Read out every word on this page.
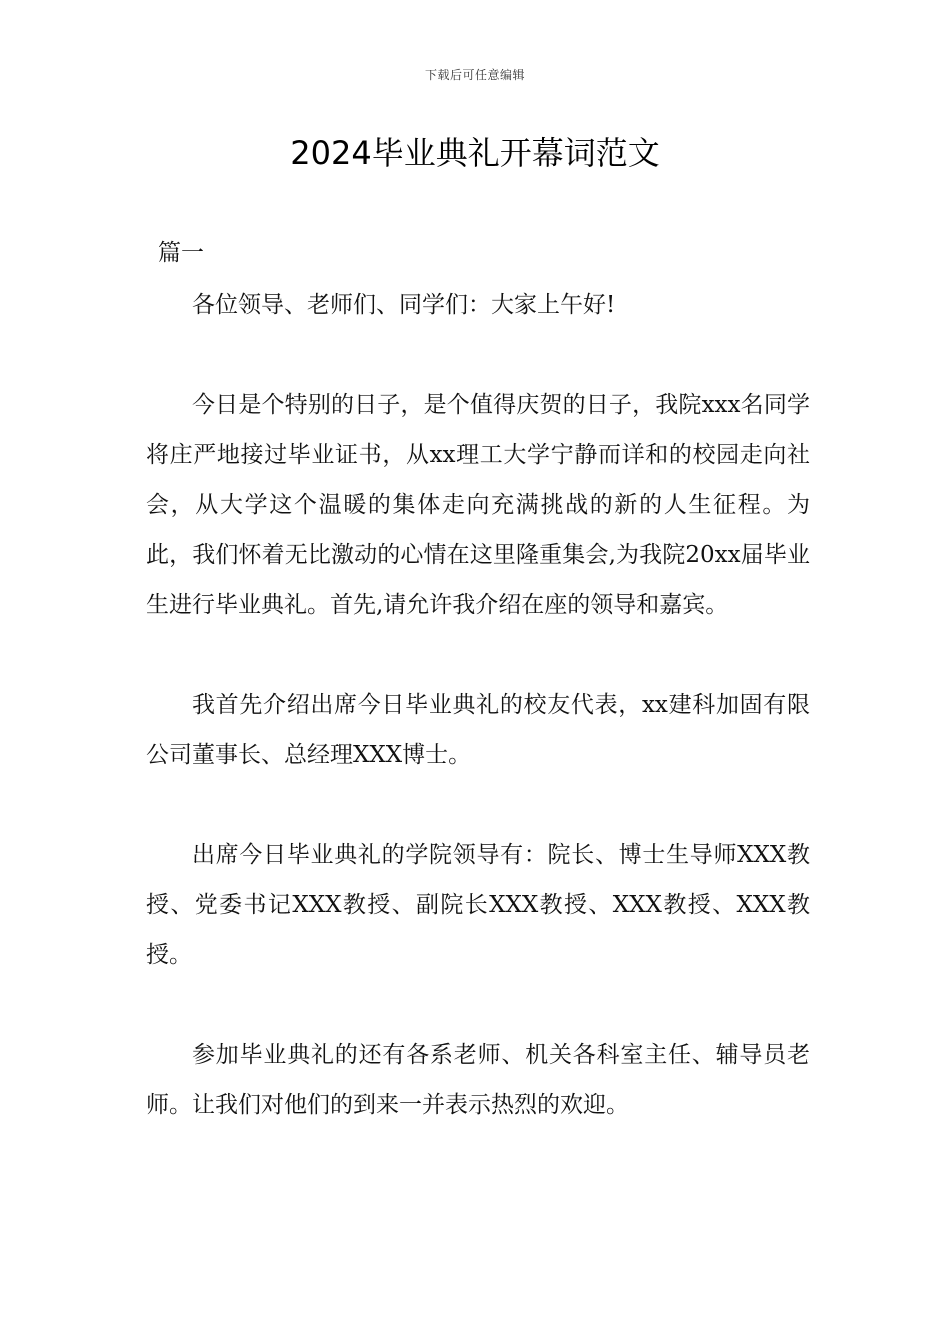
下载后可任意编辑
2024毕业典礼开幕词范文
篇一

各位领导、老师们、同学们：大家上午好!

今日是个特别的日子，是个值得庆贺的日子，我院xxx名同学将庄严地接过毕业证书，从xx理工大学宁静而详和的校园走向社会，从大学这个温暖的集体走向充满挑战的新的人生征程。为此，我们怀着无比激动的心情在这里隆重集会,为我院20xx届毕业生进行毕业典礼。首先,请允许我介绍在座的领导和嘉宾。

我首先介绍出席今日毕业典礼的校友代表，xx建科加固有限公司董事长、总经理XXX博士。

出席今日毕业典礼的学院领导有：院长、博士生导师XXX教授、党委书记XXX教授、副院长XXX教授、XXX教授、XXX教授。

参加毕业典礼的还有各系老师、机关各科室主任、辅导员老师。让我们对他们的到来一并表示热烈的欢迎。
